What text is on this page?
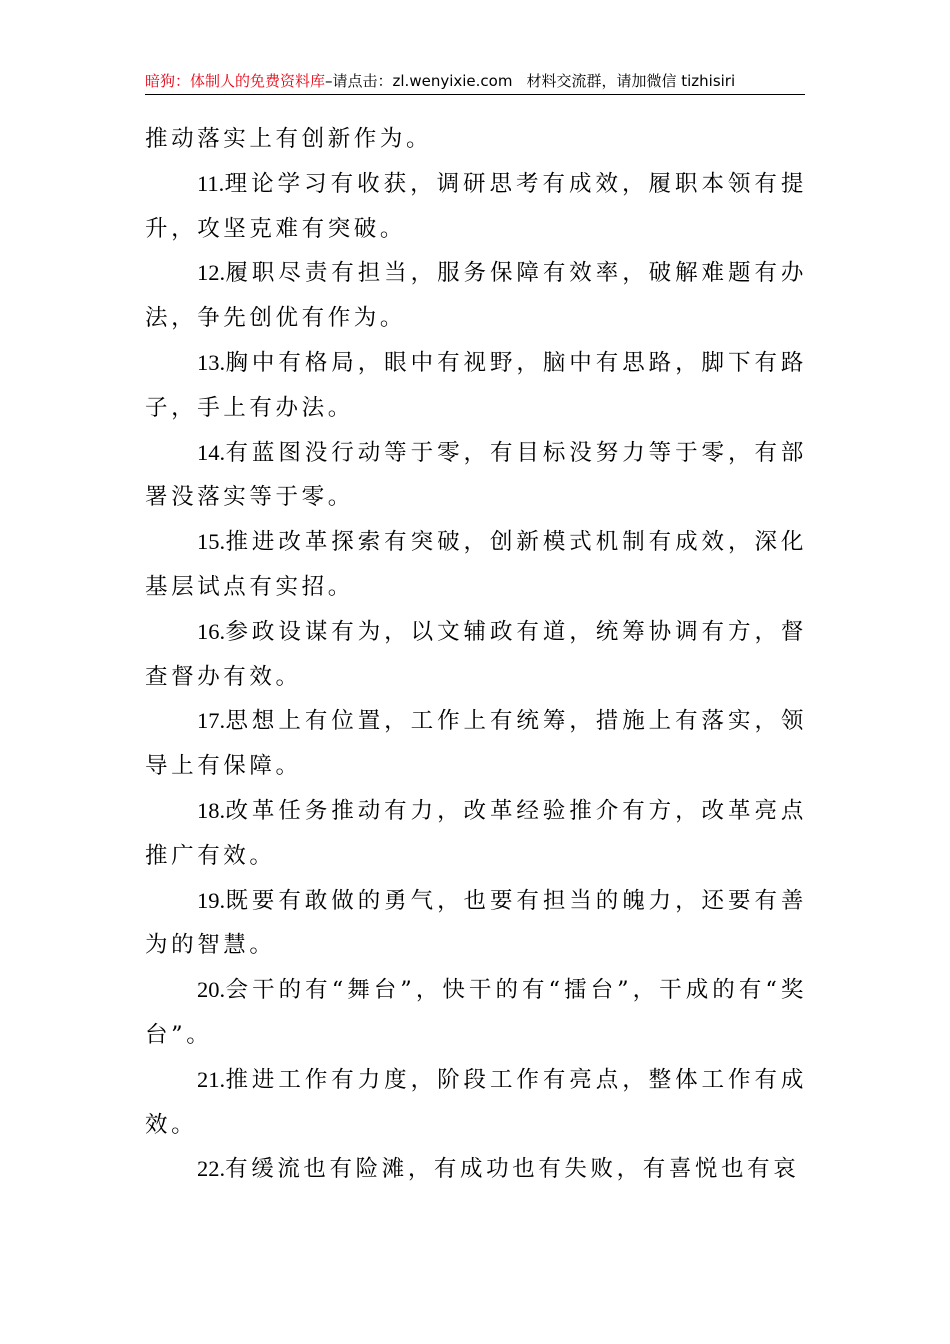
暗狗：体制人的免费资料库–请点击：zl.wenyixie.com 材料交流群，请加微信 tizhisiri

推动落实上有创新作为。

11.理论学习有收获，调研思考有成效，履职本领有提升，攻坚克难有突破。

12.履职尽责有担当，服务保障有效率，破解难题有办法，争先创优有作为。

13.胸中有格局，眼中有视野，脑中有思路，脚下有路子，手上有办法。

14.有蓝图没行动等于零，有目标没努力等于零，有部署没落实等于零。

15.推进改革探索有突破，创新模式机制有成效，深化基层试点有实招。

16.参政设谋有为，以文辅政有道，统筹协调有方，督查督办有效。

17.思想上有位置，工作上有统筹，措施上有落实，领导上有保障。

18.改革任务推动有力，改革经验推介有方，改革亮点推广有效。

19.既要有敢做的勇气，也要有担当的魄力，还要有善为的智慧。

20.会干的有“舞台”，快干的有“擂台”，干成的有“奖台”。

21.推进工作有力度，阶段工作有亮点，整体工作有成效。

22.有缓流也有险滩，有成功也有失败，有喜悦也有哀
